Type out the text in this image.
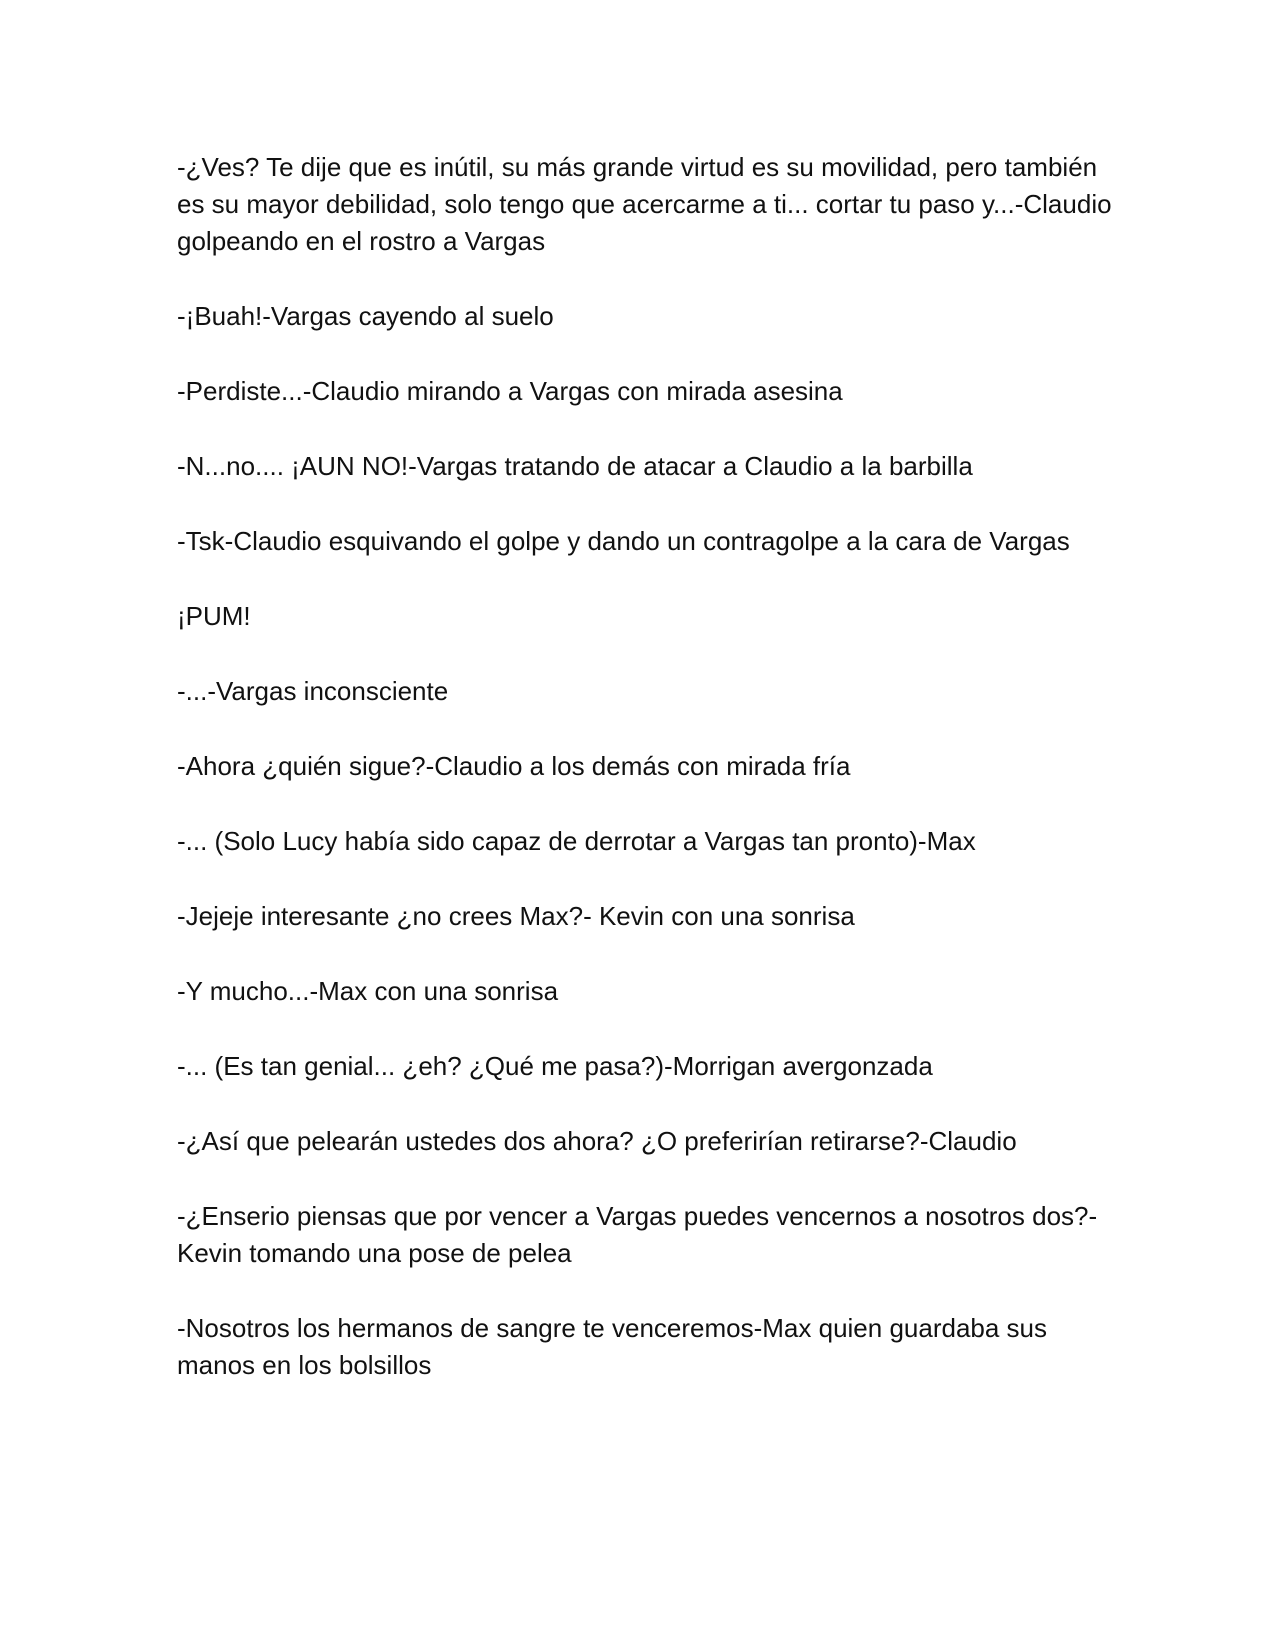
-¿Ves? Te dije que es inútil, su más grande virtud es su movilidad, pero también es su mayor debilidad, solo tengo que acercarme a ti... cortar tu paso y...-Claudio golpeando en el rostro a Vargas

-¡Buah!-Vargas cayendo al suelo

-Perdiste...-Claudio mirando a Vargas con mirada asesina

-N...no.... ¡AUN NO!-Vargas tratando de atacar a Claudio a la barbilla

-Tsk-Claudio esquivando el golpe y dando un contragolpe a la cara de Vargas

¡PUM!

-...-Vargas inconsciente

-Ahora ¿quién sigue?-Claudio a los demás con mirada fría

-... (Solo Lucy había sido capaz de derrotar a Vargas tan pronto)-Max

-Jejeje interesante ¿no crees Max?- Kevin con una sonrisa

-Y mucho...-Max con una sonrisa

-... (Es tan genial... ¿eh? ¿Qué me pasa?)-Morrigan avergonzada

-¿Así que pelearán ustedes dos ahora? ¿O preferirían retirarse?-Claudio

-¿Enserio piensas que por vencer a Vargas puedes vencernos a nosotros dos?-Kevin tomando una pose de pelea

-Nosotros los hermanos de sangre te venceremos-Max quien guardaba sus manos en los bolsillos
